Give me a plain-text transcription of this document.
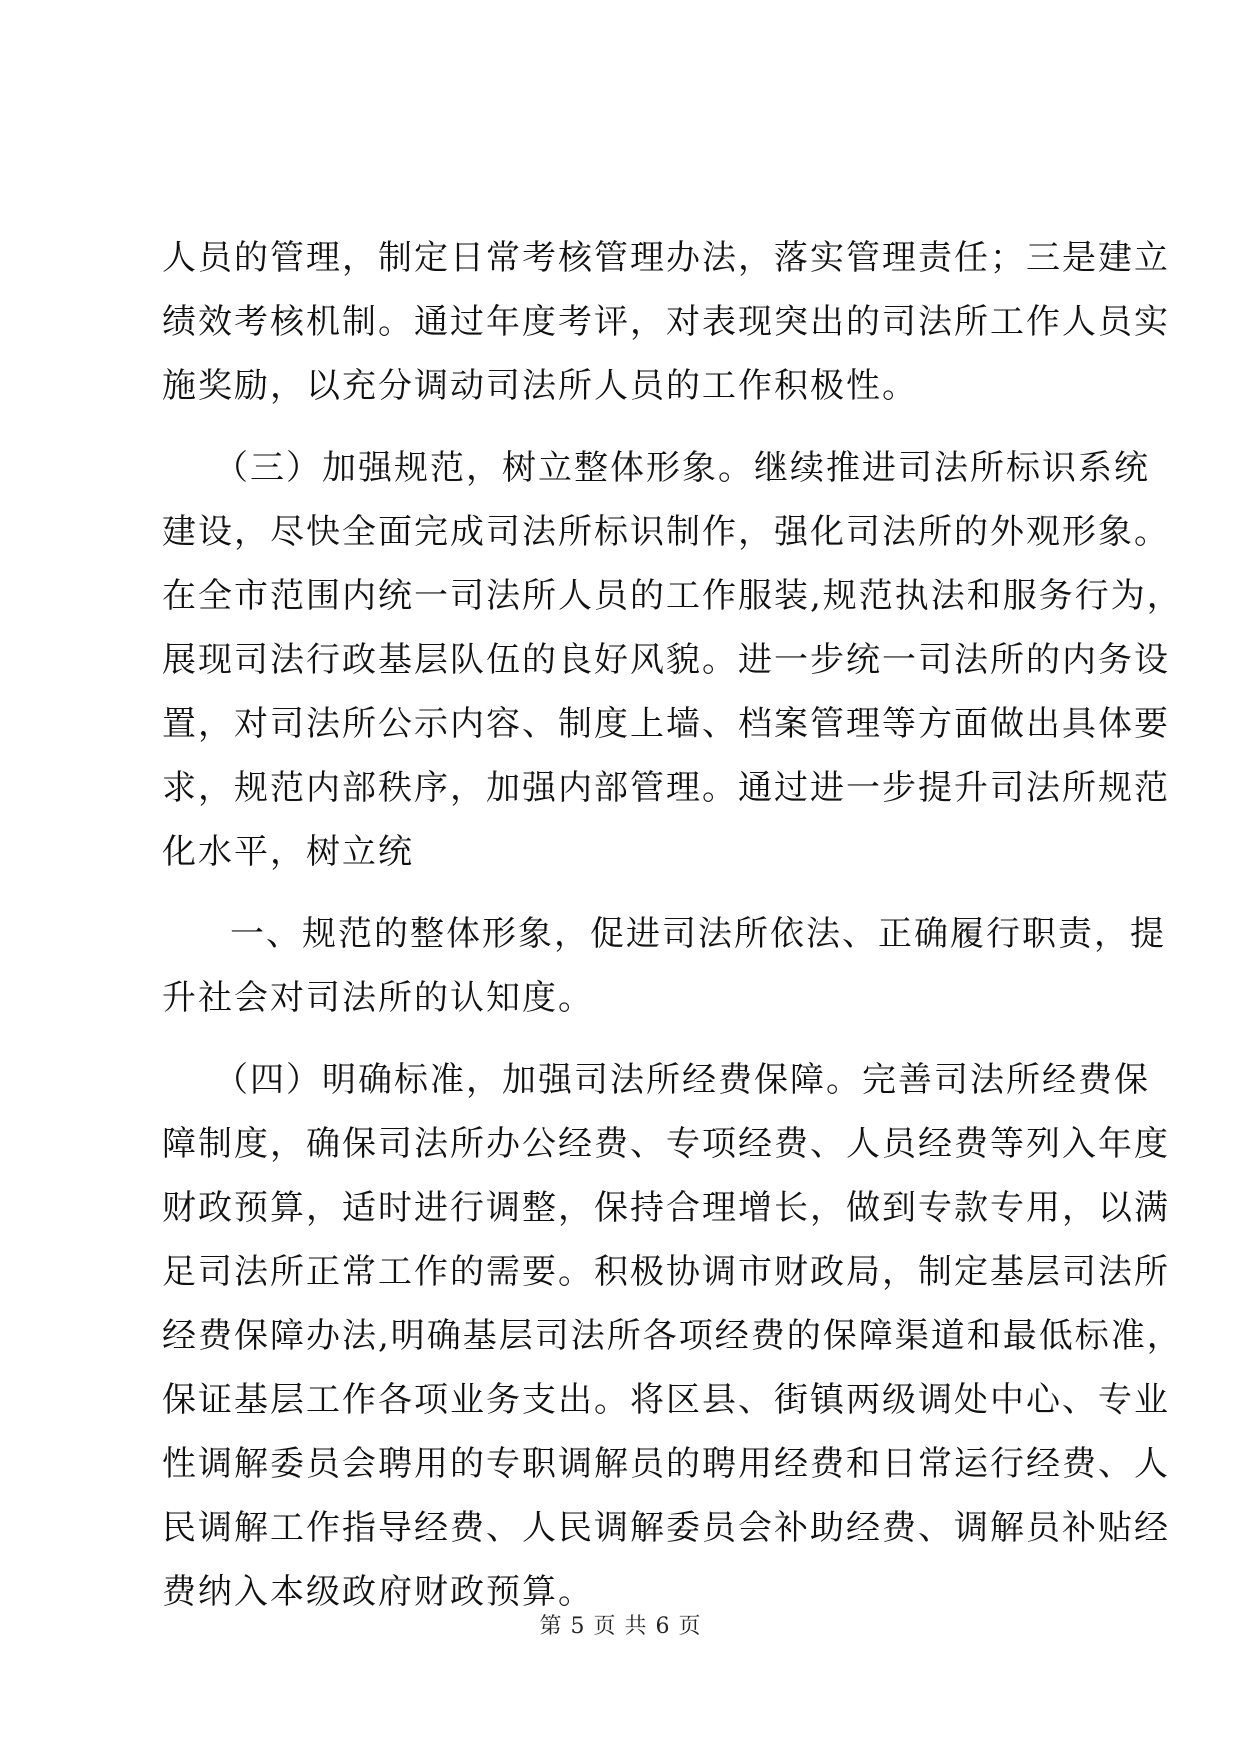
人员的管理，制定日常考核管理办法，落实管理责任；三是建立
绩效考核机制。通过年度考评，对表现突出的司法所工作人员实
施奖励，以充分调动司法所人员的工作积极性。
（三）加强规范，树立整体形象。继续推进司法所标识系统
建设，尽快全面完成司法所标识制作，强化司法所的外观形象。
在全市范围内统一司法所人员的工作服装,规范执法和服务行为，
展现司法行政基层队伍的良好风貌。进一步统一司法所的内务设
置，对司法所公示内容、制度上墙、档案管理等方面做出具体要
求，规范内部秩序，加强内部管理。通过进一步提升司法所规范
化水平，树立统
一、规范的整体形象，促进司法所依法、正确履行职责，提
升社会对司法所的认知度。
（四）明确标准，加强司法所经费保障。完善司法所经费保
障制度，确保司法所办公经费、专项经费、人员经费等列入年度
财政预算，适时进行调整，保持合理增长，做到专款专用，以满
足司法所正常工作的需要。积极协调市财政局，制定基层司法所
经费保障办法,明确基层司法所各项经费的保障渠道和最低标准，
保证基层工作各项业务支出。将区县、街镇两级调处中心、专业
性调解委员会聘用的专职调解员的聘用经费和日常运行经费、人
民调解工作指导经费、人民调解委员会补助经费、调解员补贴经
费纳入本级政府财政预算。
第 5 页 共 6 页
